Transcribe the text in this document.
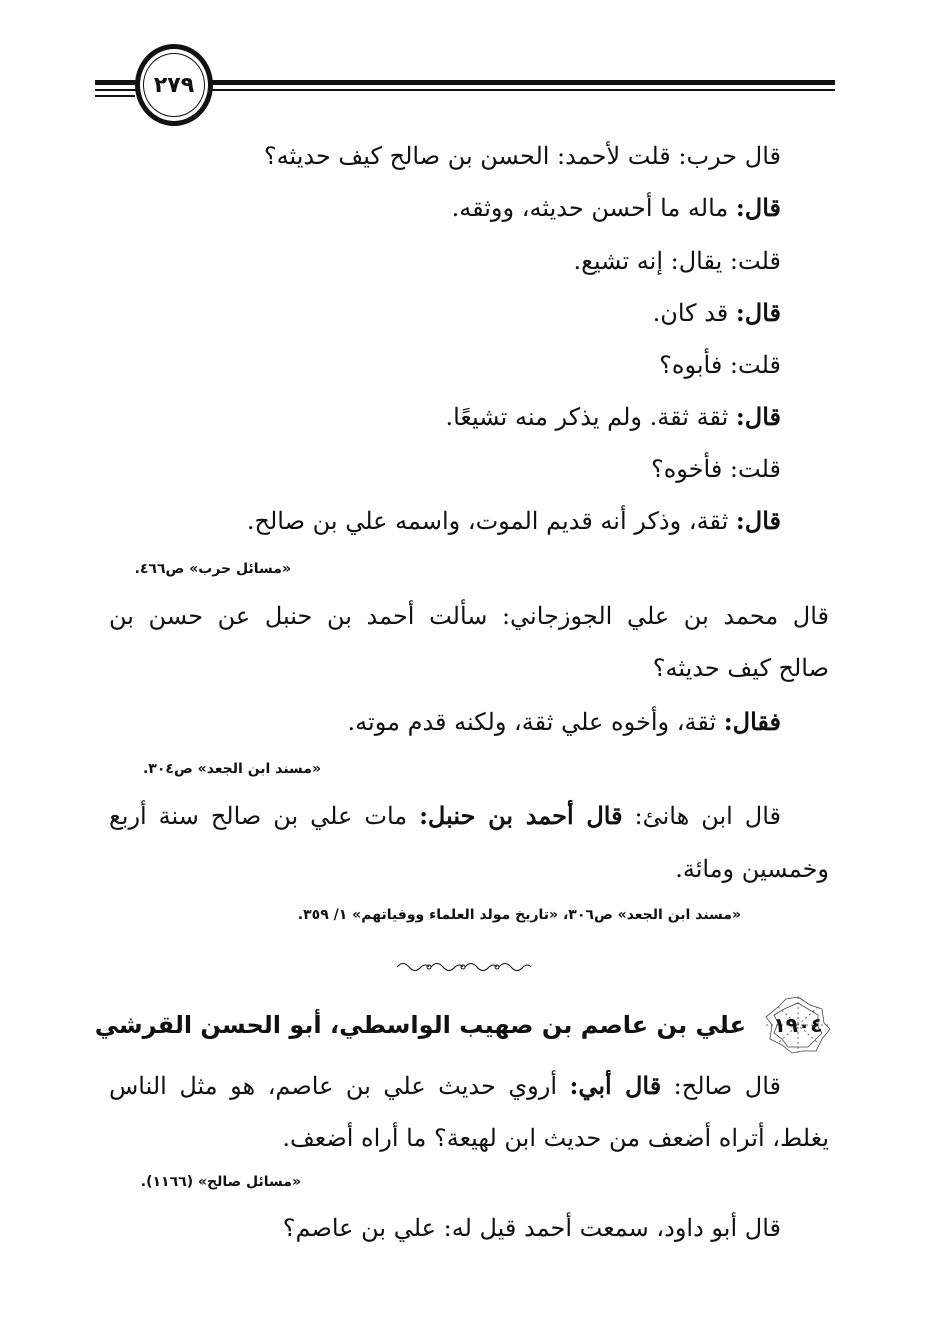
٢٧٩
قال حرب: قلت لأحمد: الحسن بن صالح كيف حديثه؟
قال: ماله ما أحسن حديثه، ووثقه.
قلت: يقال: إنه تشيع.
قال: قد كان.
قلت: فأبوه؟
قال: ثقة ثقة. ولم يذكر منه تشيعًا.
قلت: فأخوه؟
قال: ثقة، وذكر أنه قديم الموت، واسمه علي بن صالح.
«مسائل حرب» ص٤٦٦.
قال محمد بن علي الجوزجاني: سألت أحمد بن حنبل عن حسن بن
صالح كيف حديثه؟
فقال: ثقة، وأخوه علي ثقة، ولكنه قدم موته.
«مسند ابن الجعد» ص٣٠٤.
قال ابن هانئ: قال أحمد بن حنبل: مات علي بن صالح سنة أربع
وخمسين ومائة.
«مسند ابن الجعد» ص٣٠٦، «تاريخ مولد العلماء ووفياتهم» ١/ ٣٥٩.
١٩٠٤
علي بن عاصم بن صهيب الواسطي، أبو الحسن القرشي
قال صالح: قال أبي: أروي حديث علي بن عاصم، هو مثل الناس
يغلط، أتراه أضعف من حديث ابن لهيعة؟ ما أراه أضعف.
«مسائل صالح» (١١٦٦).
قال أبو داود، سمعت أحمد قيل له: علي بن عاصم؟
